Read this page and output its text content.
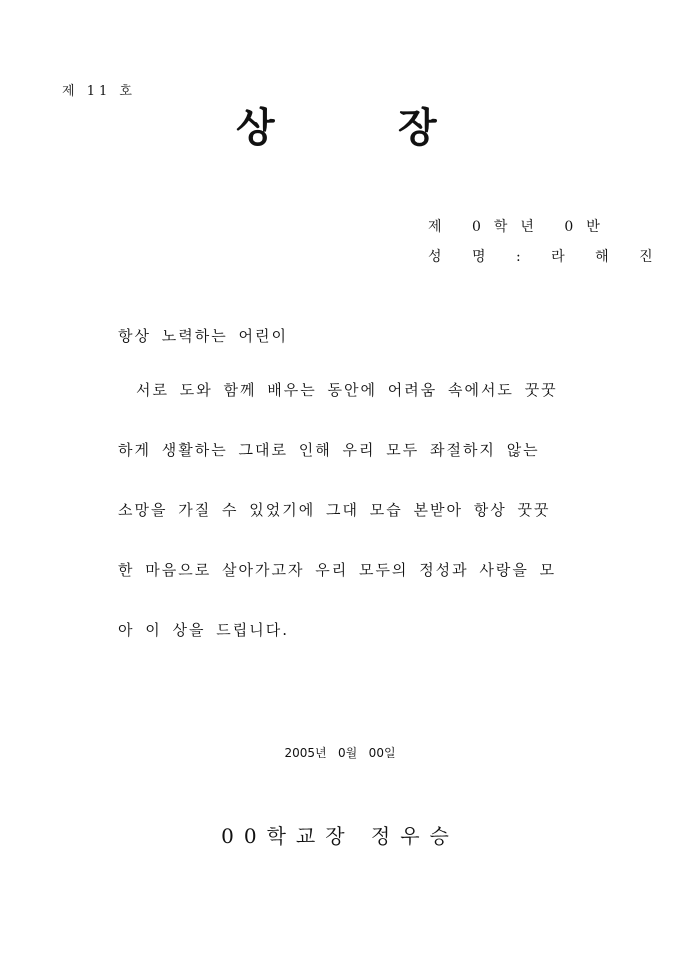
제 11 호
상	장
제 0학년 0반
성 명 : 라 해 진
항상 노력하는 어린이
서로 도와 함께 배우는 동안에 어려움 속에서도 꿋꿋
하게 생활하는 그대로 인해 우리 모두 좌절하지 않는
소망을 가질 수 있었기에 그대 모습 본받아 항상 꿋꿋
한 마음으로 살아가고자 우리 모두의 정성과 사랑을 모
아 이 상을 드립니다.
2005년   0월   00일
00학교장 정우승
